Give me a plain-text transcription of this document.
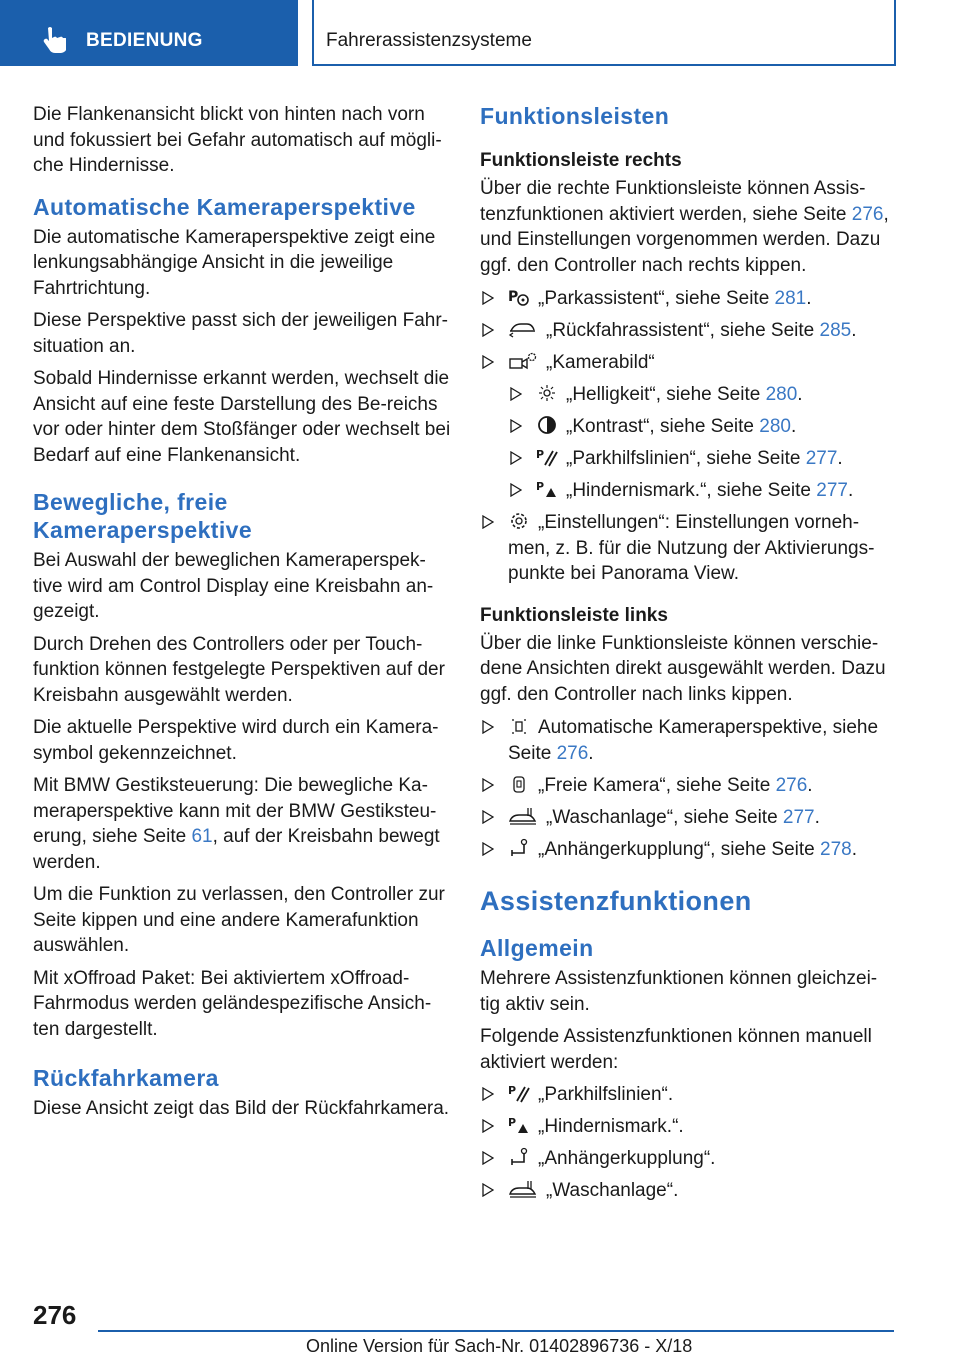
BEDIENUNG	Fahrerassistenzsysteme

Die Flankenansicht blickt von hinten nach vorn und fokussiert bei Gefahr automatisch auf mögli-che Hindernisse.

Automatische Kameraperspektive

Die automatische Kameraperspektive zeigt eine lenkungsabhängige Ansicht in die jeweilige Fahrtrichtung.

Diese Perspektive passt sich der jeweiligen Fahr-situation an.

Sobald Hindernisse erkannt werden, wechselt die Ansicht auf eine feste Darstellung des Be-reichs vor oder hinter dem Stoßfänger oder wechselt bei Bedarf auf eine Flankenansicht.

Bewegliche, freie Kameraperspektive

Bei Auswahl der beweglichen Kameraperspek-tive wird am Control Display eine Kreisbahn an-gezeigt.

Durch Drehen des Controllers oder per Touch-funktion können festgelegte Perspektiven auf der Kreisbahn ausgewählt werden.

Die aktuelle Perspektive wird durch ein Kamera-symbol gekennzeichnet.

Mit BMW Gestiksteuerung: Die bewegliche Ka-meraperspektive kann mit der BMW Gestiksteu-erung, siehe Seite 61, auf der Kreisbahn bewegt werden.

Um die Funktion zu verlassen, den Controller zur Seite kippen und eine andere Kamerafunktion auswählen.

Mit xOffroad Paket: Bei aktiviertem xOffroad-Fahrmodus werden geländespezifische Ansich-ten dargestellt.

Rückfahrkamera

Diese Ansicht zeigt das Bild der Rückfahrkamera.

Funktionsleisten
Funktionsleiste rechts

Über die rechte Funktionsleiste können Assis-tenzfunktionen aktiviert werden, siehe Seite 276, und Einstellungen vorgenommen werden. Dazu ggf. den Controller nach rechts kippen.

P „Parkassistent“, siehe Seite 281.
„Rückfahrassistent“, siehe Seite 285.
„Kamerabild“
„Helligkeit“, siehe Seite 280.
„Kontrast“, siehe Seite 280.
P „Parkhilfslinien“, siehe Seite 277.
P „Hindernismark.“, siehe Seite 277.
„Einstellungen“: Einstellungen vorneh-men, z. B. für die Nutzung der Aktivierungs-punkte bei Panorama View.
Funktionsleiste links

Über die linke Funktionsleiste können verschie-dene Ansichten direkt ausgewählt werden. Dazu ggf. den Controller nach links kippen.

Automatische Kameraperspektive, siehe Seite 276.
„Freie Kamera“, siehe Seite 276.
„Waschanlage“, siehe Seite 277.
„Anhängerkupplung“, siehe Seite 278.
Assistenzfunktionen
Allgemein

Mehrere Assistenzfunktionen können gleichzei-tig aktiv sein.

Folgende Assistenzfunktionen können manuell aktiviert werden:

P „Parkhilfslinien“.
P „Hindernismark.“.
„Anhängerkupplung“.
„Waschanlage“.
276
Online Version für Sach-Nr. 01402896736 - X/18
